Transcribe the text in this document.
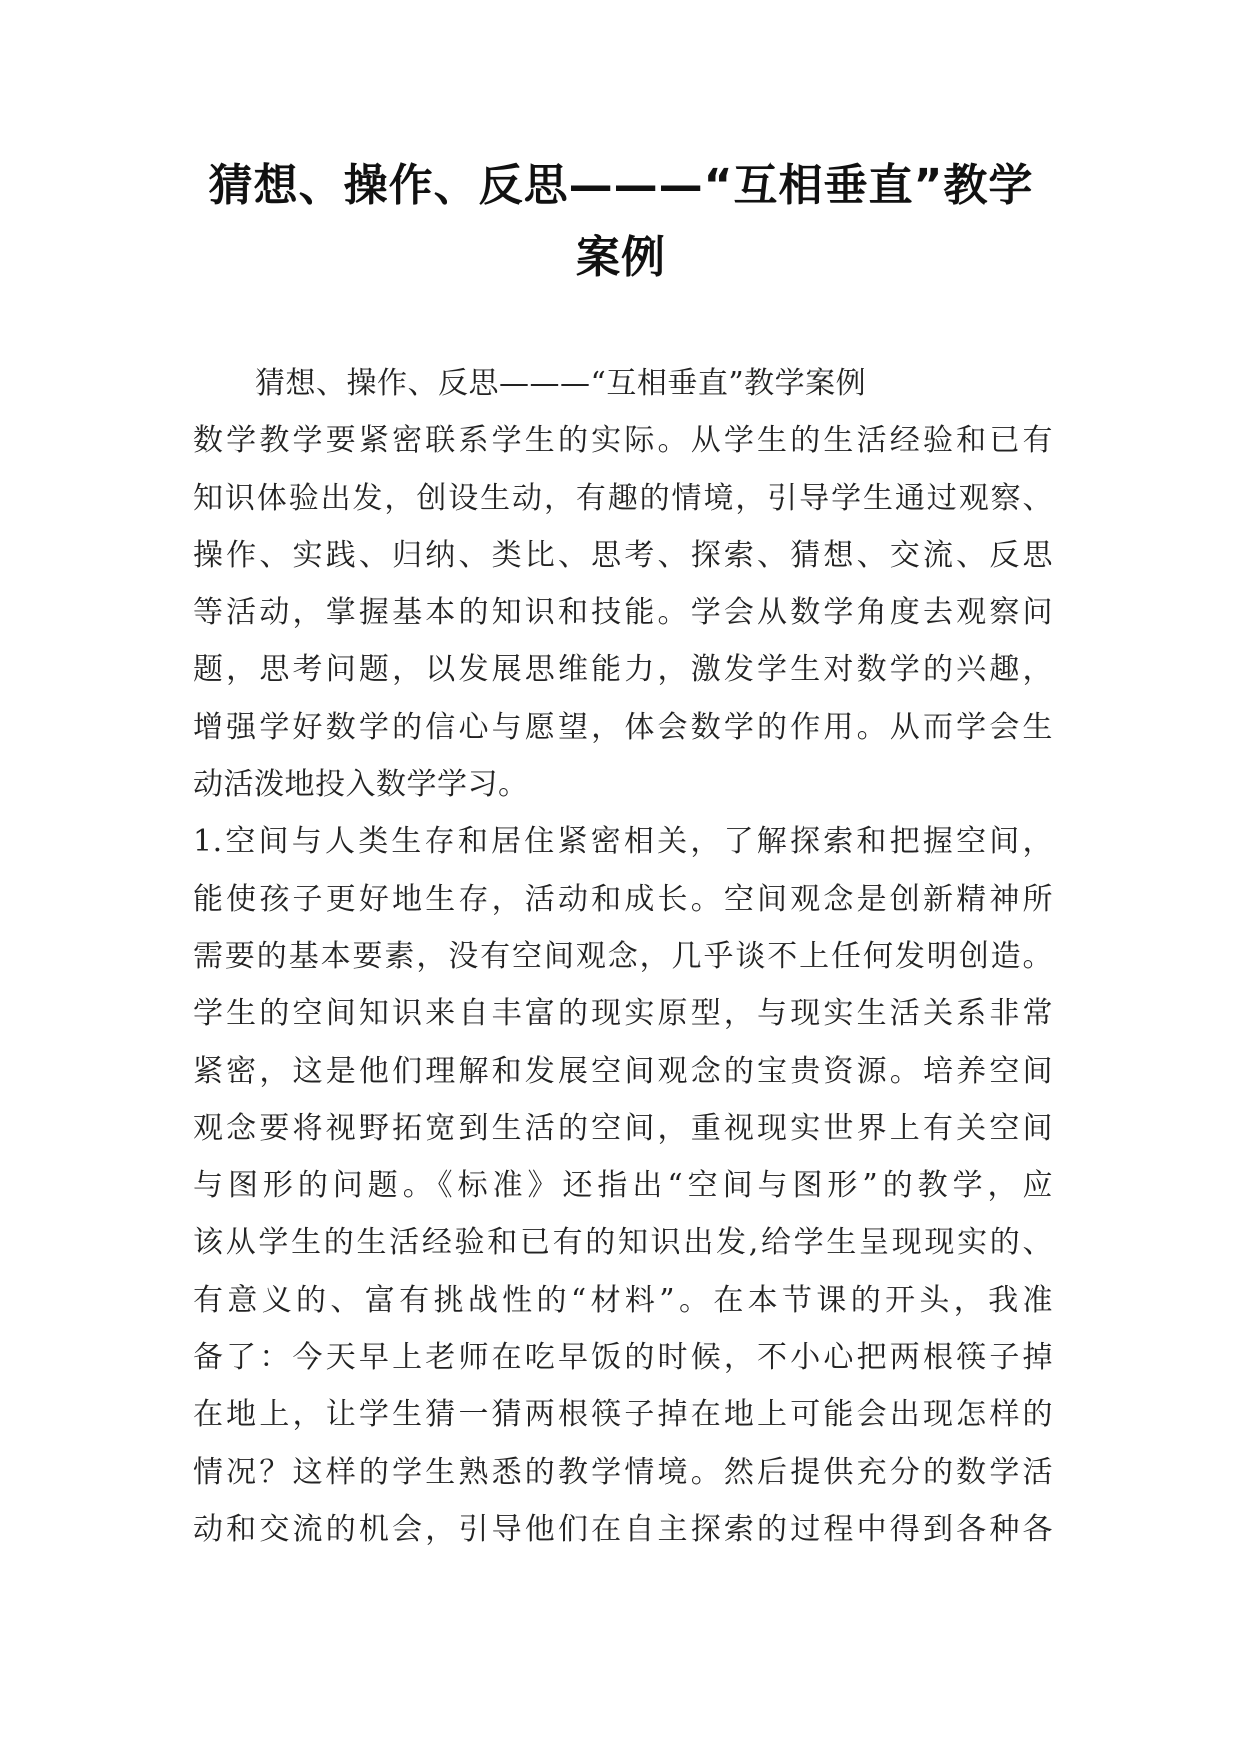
猜想、操作、反思———“互相垂直”教学
案例
猜想、操作、反思———“互相垂直”教学案例
数学教学要紧密联系学生的实际。从学生的生活经验和已有
知识体验出发，创设生动，有趣的情境，引导学生通过观察、
操作、实践、归纳、类比、思考、探索、猜想、交流、反思
等活动，掌握基本的知识和技能。学会从数学角度去观察问
题，思考问题，以发展思维能力，激发学生对数学的兴趣，
增强学好数学的信心与愿望，体会数学的作用。从而学会生
动活泼地投入数学学习。
1.空间与人类生存和居住紧密相关，了解探索和把握空间，
能使孩子更好地生存，活动和成长。空间观念是创新精神所
需要的基本要素，没有空间观念，几乎谈不上任何发明创造。
学生的空间知识来自丰富的现实原型，与现实生活关系非常
紧密，这是他们理解和发展空间观念的宝贵资源。培养空间
观念要将视野拓宽到生活的空间，重视现实世界上有关空间
与图形的问题。《标准》还指出“空间与图形”的教学，应
该从学生的生活经验和已有的知识出发,给学生呈现现实的、
有意义的、富有挑战性的“材料”。在本节课的开头，我准
备了：今天早上老师在吃早饭的时候，不小心把两根筷子掉
在地上，让学生猜一猜两根筷子掉在地上可能会出现怎样的
情况？这样的学生熟悉的教学情境。然后提供充分的数学活
动和交流的机会，引导他们在自主探索的过程中得到各种各
